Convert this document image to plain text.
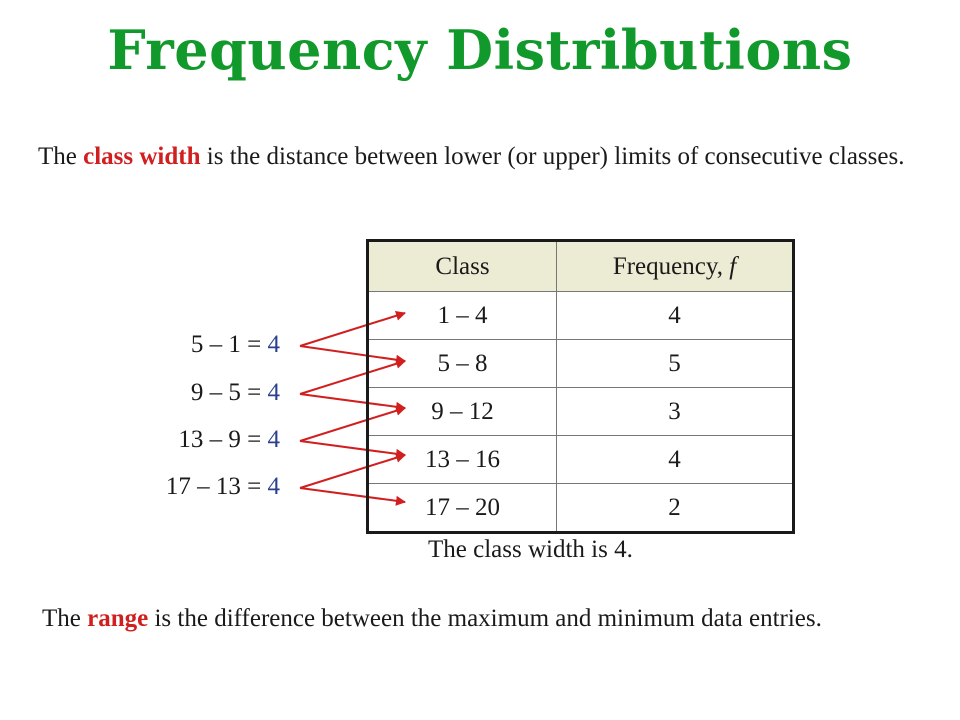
Frequency Distributions
The class width is the distance between lower (or upper) limits of consecutive classes.
Class	Frequency, f
1 – 4	4
5 – 8	5
9 – 12	3
13 – 16	4
17 – 20	2
5 – 1 = 4
9 – 5 = 4
13 – 9 = 4
17 – 13 = 4
The class width is 4.
The range is the difference between the maximum and minimum data entries.
